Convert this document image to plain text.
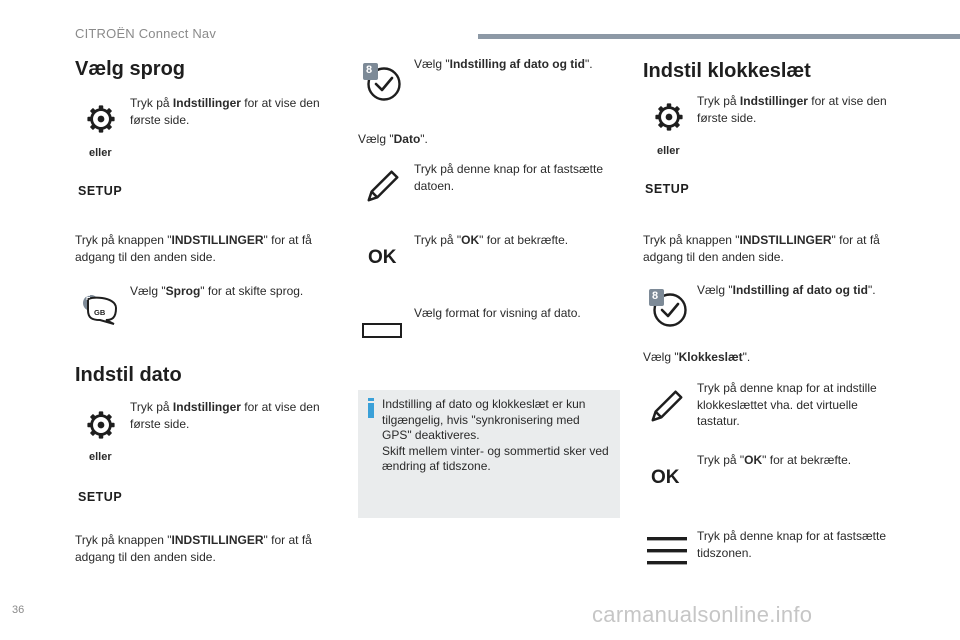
CITROËN Connect Nav
Vælg sprog
Tryk på Indstillinger for at vise den første side.
eller
SETUP
Tryk på knappen "INDSTILLINGER" for at få adgang til den anden side.
F
GB
Vælg "Sprog" for at skifte sprog.
Indstil dato
Tryk på Indstillinger for at vise den første side.
eller
SETUP
Tryk på knappen "INDSTILLINGER" for at få adgang til den anden side.
8	Vælg "Indstilling af dato og tid".
Vælg "Dato".
Tryk på denne knap for at fastsætte datoen.
OK
Tryk på "OK" for at bekræfte.
Vælg format for visning af dato.
Indstilling af dato og klokkeslæt er kun tilgængelig, hvis "synkronisering med GPS" deaktiveres.
Skift mellem vinter- og sommertid sker ved ændring af tidszone.
Indstil klokkeslæt
Tryk på Indstillinger for at vise den første side.
eller
SETUP
Tryk på knappen "INDSTILLINGER" for at få adgang til den anden side.
8	Vælg "Indstilling af dato og tid".
Vælg "Klokkeslæt".
Tryk på denne knap for at indstille klokkeslættet vha. det virtuelle tastatur.
OK
Tryk på "OK" for at bekræfte.
Tryk på denne knap for at fastsætte tidszonen.
36	carmanualsonline.info
